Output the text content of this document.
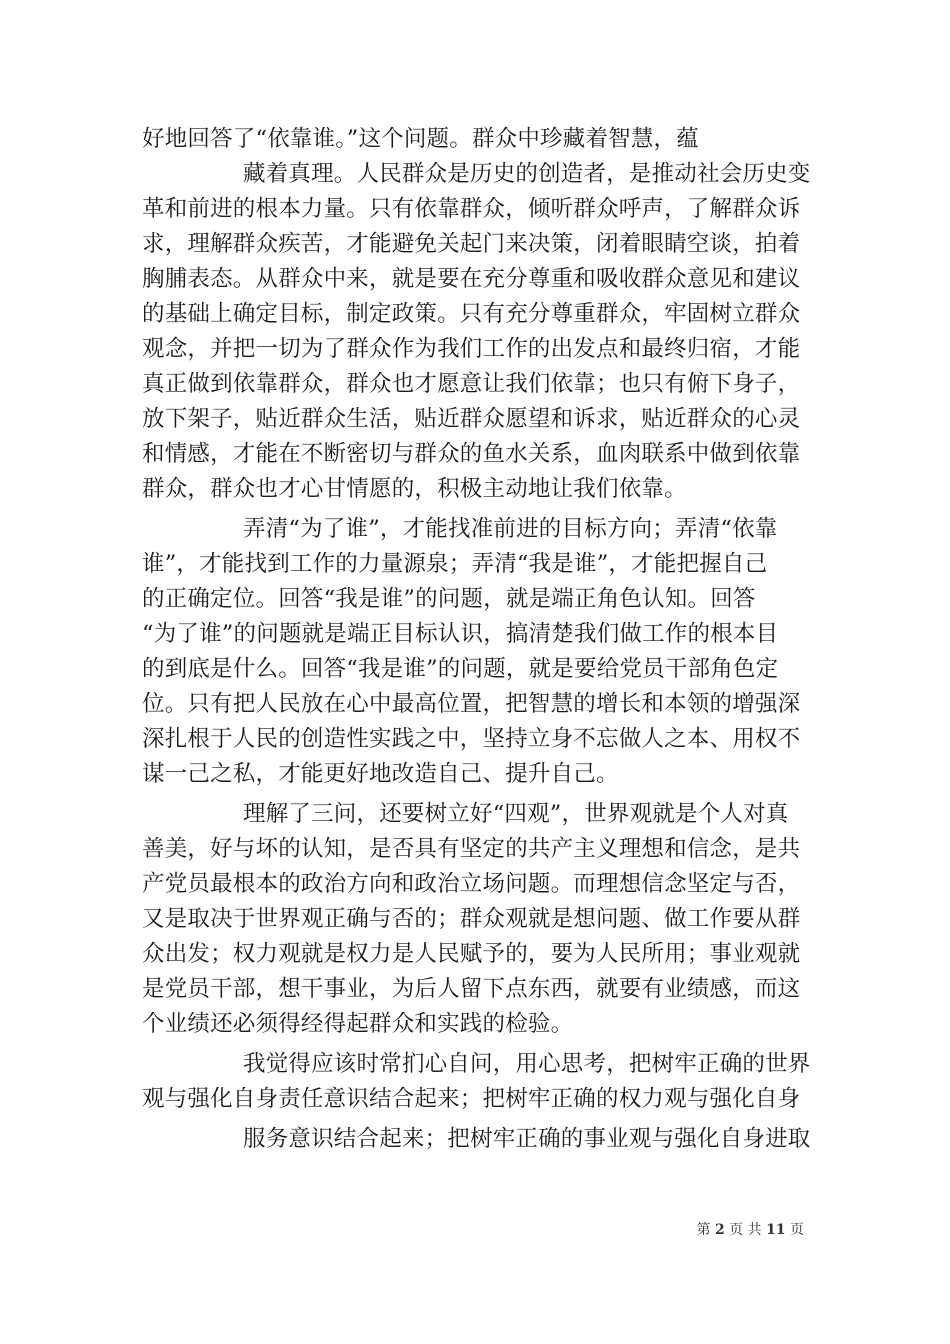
好地回答了“依靠谁。”这个问题。群众中珍藏着智慧，蕴
藏着真理。人民群众是历史的创造者，是推动社会历史变
革和前进的根本力量。只有依靠群众，倾听群众呼声，了解群众诉
求，理解群众疾苦，才能避免关起门来决策，闭着眼睛空谈，拍着
胸脯表态。从群众中来，就是要在充分尊重和吸收群众意见和建议
的基础上确定目标，制定政策。只有充分尊重群众，牢固树立群众
观念，并把一切为了群众作为我们工作的出发点和最终归宿，才能
真正做到依靠群众，群众也才愿意让我们依靠；也只有俯下身子，
放下架子，贴近群众生活，贴近群众愿望和诉求，贴近群众的心灵
和情感，才能在不断密切与群众的鱼水关系，血肉联系中做到依靠
群众，群众也才心甘情愿的，积极主动地让我们依靠。
弄清“为了谁”，才能找准前进的目标方向；弄清“依靠
谁”，才能找到工作的力量源泉；弄清“我是谁”，才能把握自己
的正确定位。回答“我是谁”的问题，就是端正角色认知。回答
“为了谁”的问题就是端正目标认识，搞清楚我们做工作的根本目
的到底是什么。回答“我是谁”的问题，就是要给党员干部角色定
位。只有把人民放在心中最高位置，把智慧的增长和本领的增强深
深扎根于人民的创造性实践之中，坚持立身不忘做人之本、用权不
谋一己之私，才能更好地改造自己、提升自己。
理解了三问，还要树立好“四观”，世界观就是个人对真
善美，好与坏的认知，是否具有坚定的共产主义理想和信念，是共
产党员最根本的政治方向和政治立场问题。而理想信念坚定与否，
又是取决于世界观正确与否的；群众观就是想问题、做工作要从群
众出发；权力观就是权力是人民赋予的，要为人民所用；事业观就
是党员干部，想干事业，为后人留下点东西，就要有业绩感，而这
个业绩还必须得经得起群众和实践的检验。
我觉得应该时常扪心自问，用心思考，把树牢正确的世界
观与强化自身责任意识结合起来；把树牢正确的权力观与强化自身
服务意识结合起来；把树牢正确的事业观与强化自身进取
第 2 页 共 11 页
